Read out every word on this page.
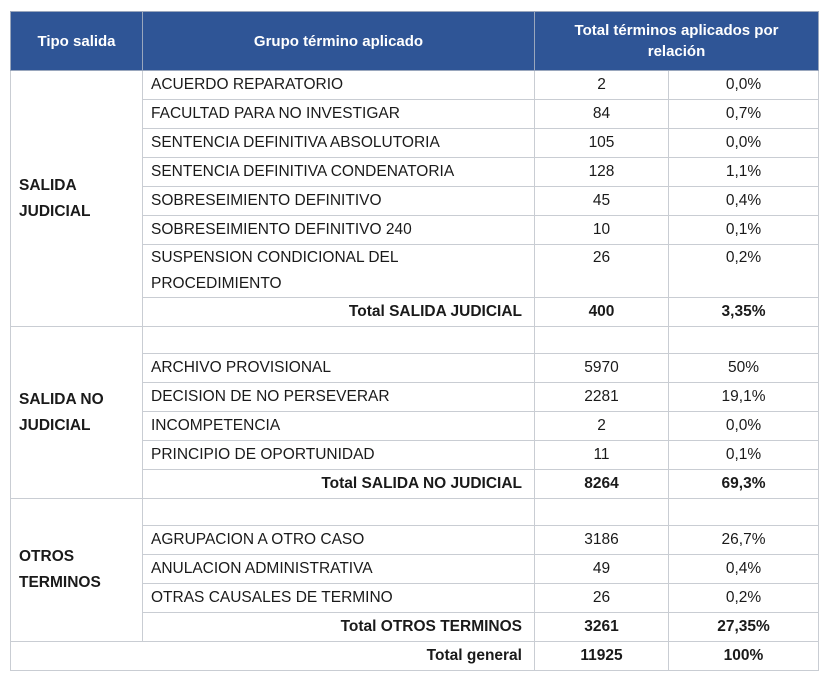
Tipo salida	Grupo término aplicado	Total términos aplicados por
relación	
SALIDA JUDICIAL	ACUERDO REPARATORIO	2	0,0%
	FACULTAD PARA NO INVESTIGAR	84	0,7%
	SENTENCIA DEFINITIVA ABSOLUTORIA	105	0,0%
	SENTENCIA DEFINITIVA CONDENATORIA	128	1,1%
	SOBRESEIMIENTO DEFINITIVO	45	0,4%
	SOBRESEIMIENTO DEFINITIVO 240	10	0,1%
	SUSPENSION CONDICIONAL DEL PROCEDIMIENTO	26	0,2%
	Total SALIDA JUDICIAL	400	3,35%
SALIDA NO JUDICIAL			
	ARCHIVO PROVISIONAL	5970	50%
	DECISION DE NO PERSEVERAR	2281	19,1%
	INCOMPETENCIA	2	0,0%
	PRINCIPIO DE OPORTUNIDAD	11	0,1%
	Total SALIDA NO JUDICIAL	8264	69,3%
OTROS TERMINOS			
	AGRUPACION A OTRO CASO	3186	26,7%
	ANULACION ADMINISTRATIVA	49	0,4%
	OTRAS CAUSALES DE TERMINO	26	0,2%
	Total OTROS TERMINOS	3261	27,35%
Total general		11925	100%
